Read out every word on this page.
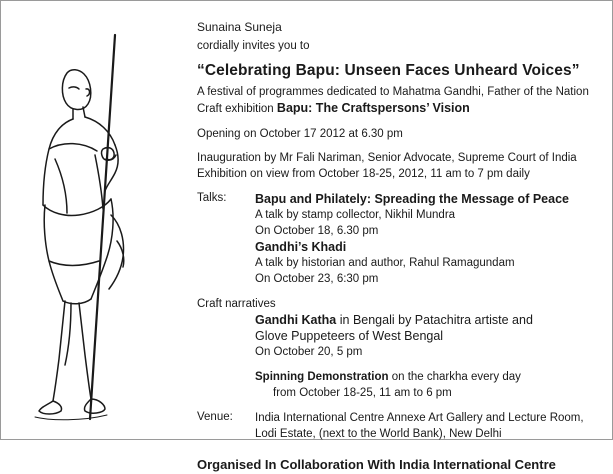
Sunaina Suneja
cordially invites you to
“Celebrating Bapu: Unseen Faces Unheard Voices”
A festival of programmes dedicated to Mahatma Gandhi, Father of the Nation
Craft exhibition Bapu: The Craftspersons’ Vision
Opening on October 17 2012 at 6.30 pm
Inauguration by Mr Fali Nariman, Senior Advocate, Supreme Court of India
Exhibition on view from October 18-25, 2012, 11 am to 7 pm daily
Talks: Bapu and Philately: Spreading the Message of Peace
A talk by stamp collector, Nikhil Mundra
On October 18, 6.30 pm
Gandhi’s Khadi
A talk by historian and author, Rahul Ramagundam
On October 23, 6:30 pm
Craft narratives
Gandhi Katha in Bengali by Patachitra artiste and
Glove Puppeteers of West Bengal
On October 20, 5 pm
Spinning Demonstration on the charkha every day
from October 18-25, 11 am to 6 pm
Venue: India International Centre Annexe Art Gallery and Lecture Room,
Lodi Estate, (next to the World Bank), New Delhi
Organised In Collaboration With India International Centre
